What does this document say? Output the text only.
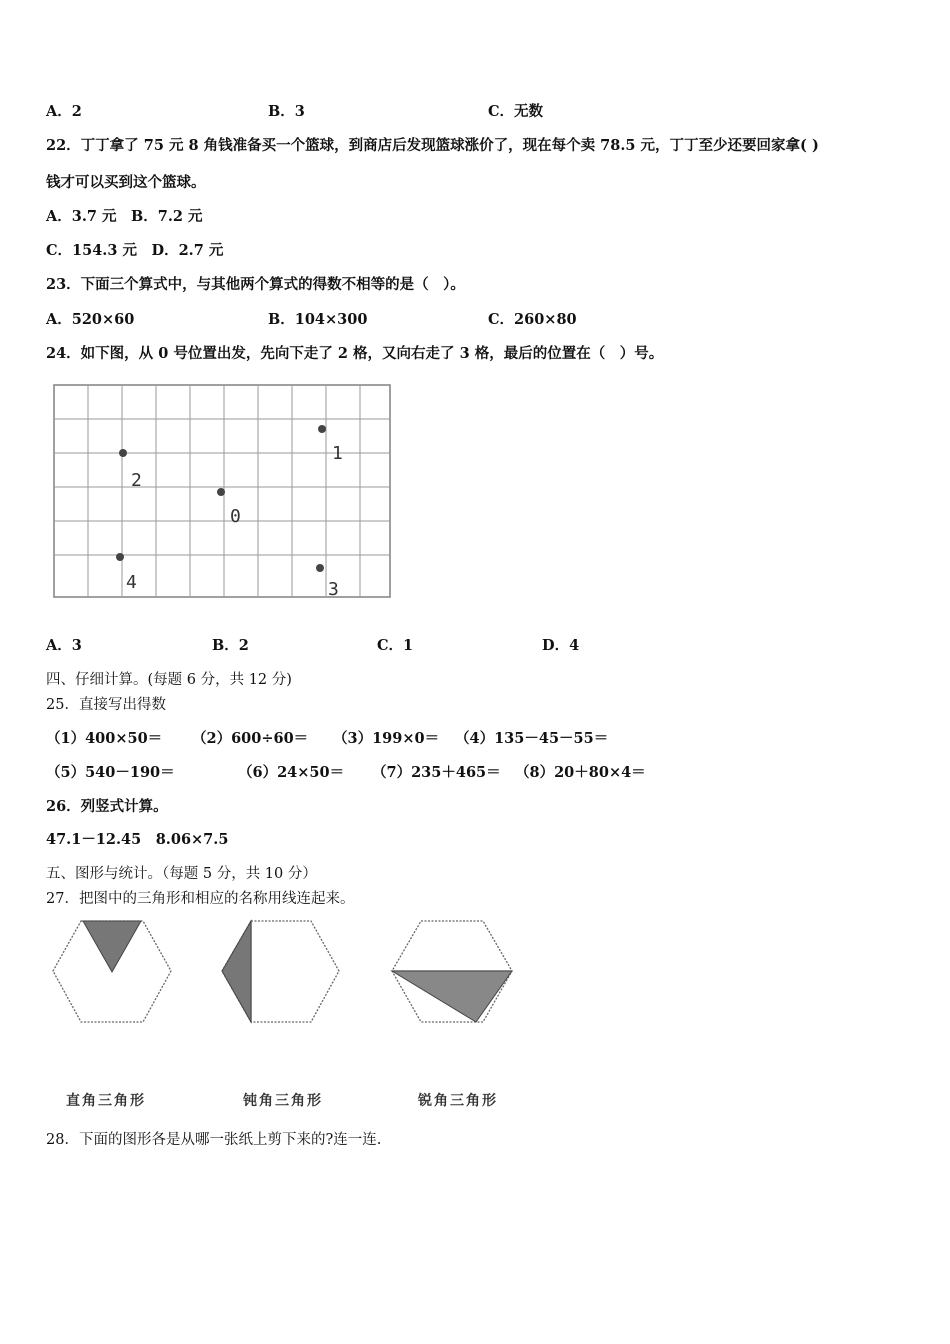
A．2	B．3	C．无数
22．丁丁拿了 75 元 8 角钱准备买一个篮球，到商店后发现篮球涨价了，现在每个卖 78.5 元，丁丁至少还要回家拿( )
钱才可以买到这个篮球。
A．3.7 元　B．7.2 元
C．154.3 元　D．2.7 元
23．下面三个算式中，与其他两个算式的得数不相等的是（　）。
A．520×60	B．104×300	C．260×80
24．如下图，从 0 号位置出发，先向下走了 2 格，又向右走了 3 格，最后的位置在（　）号。
1
2
0
4	3
A．3	B．2	C．1	D．4
四、仔细计算。(每题 6 分，共 12 分)
25．直接写出得数
（1）400×50＝ （2）600÷60＝ （3）199×0＝ （4）135－45－55＝
（5）540－190＝	（6）24×50＝ （7）235＋465＝ （8）20＋80×4＝
26．列竖式计算。
47.1－12.45　8.06×7.5
五、图形与统计。（每题 5 分，共 10 分）
27．把图中的三角形和相应的名称用线连起来。
直角三角形	钝角三角形	锐角三角形
28．下面的图形各是从哪一张纸上剪下来的?连一连.
